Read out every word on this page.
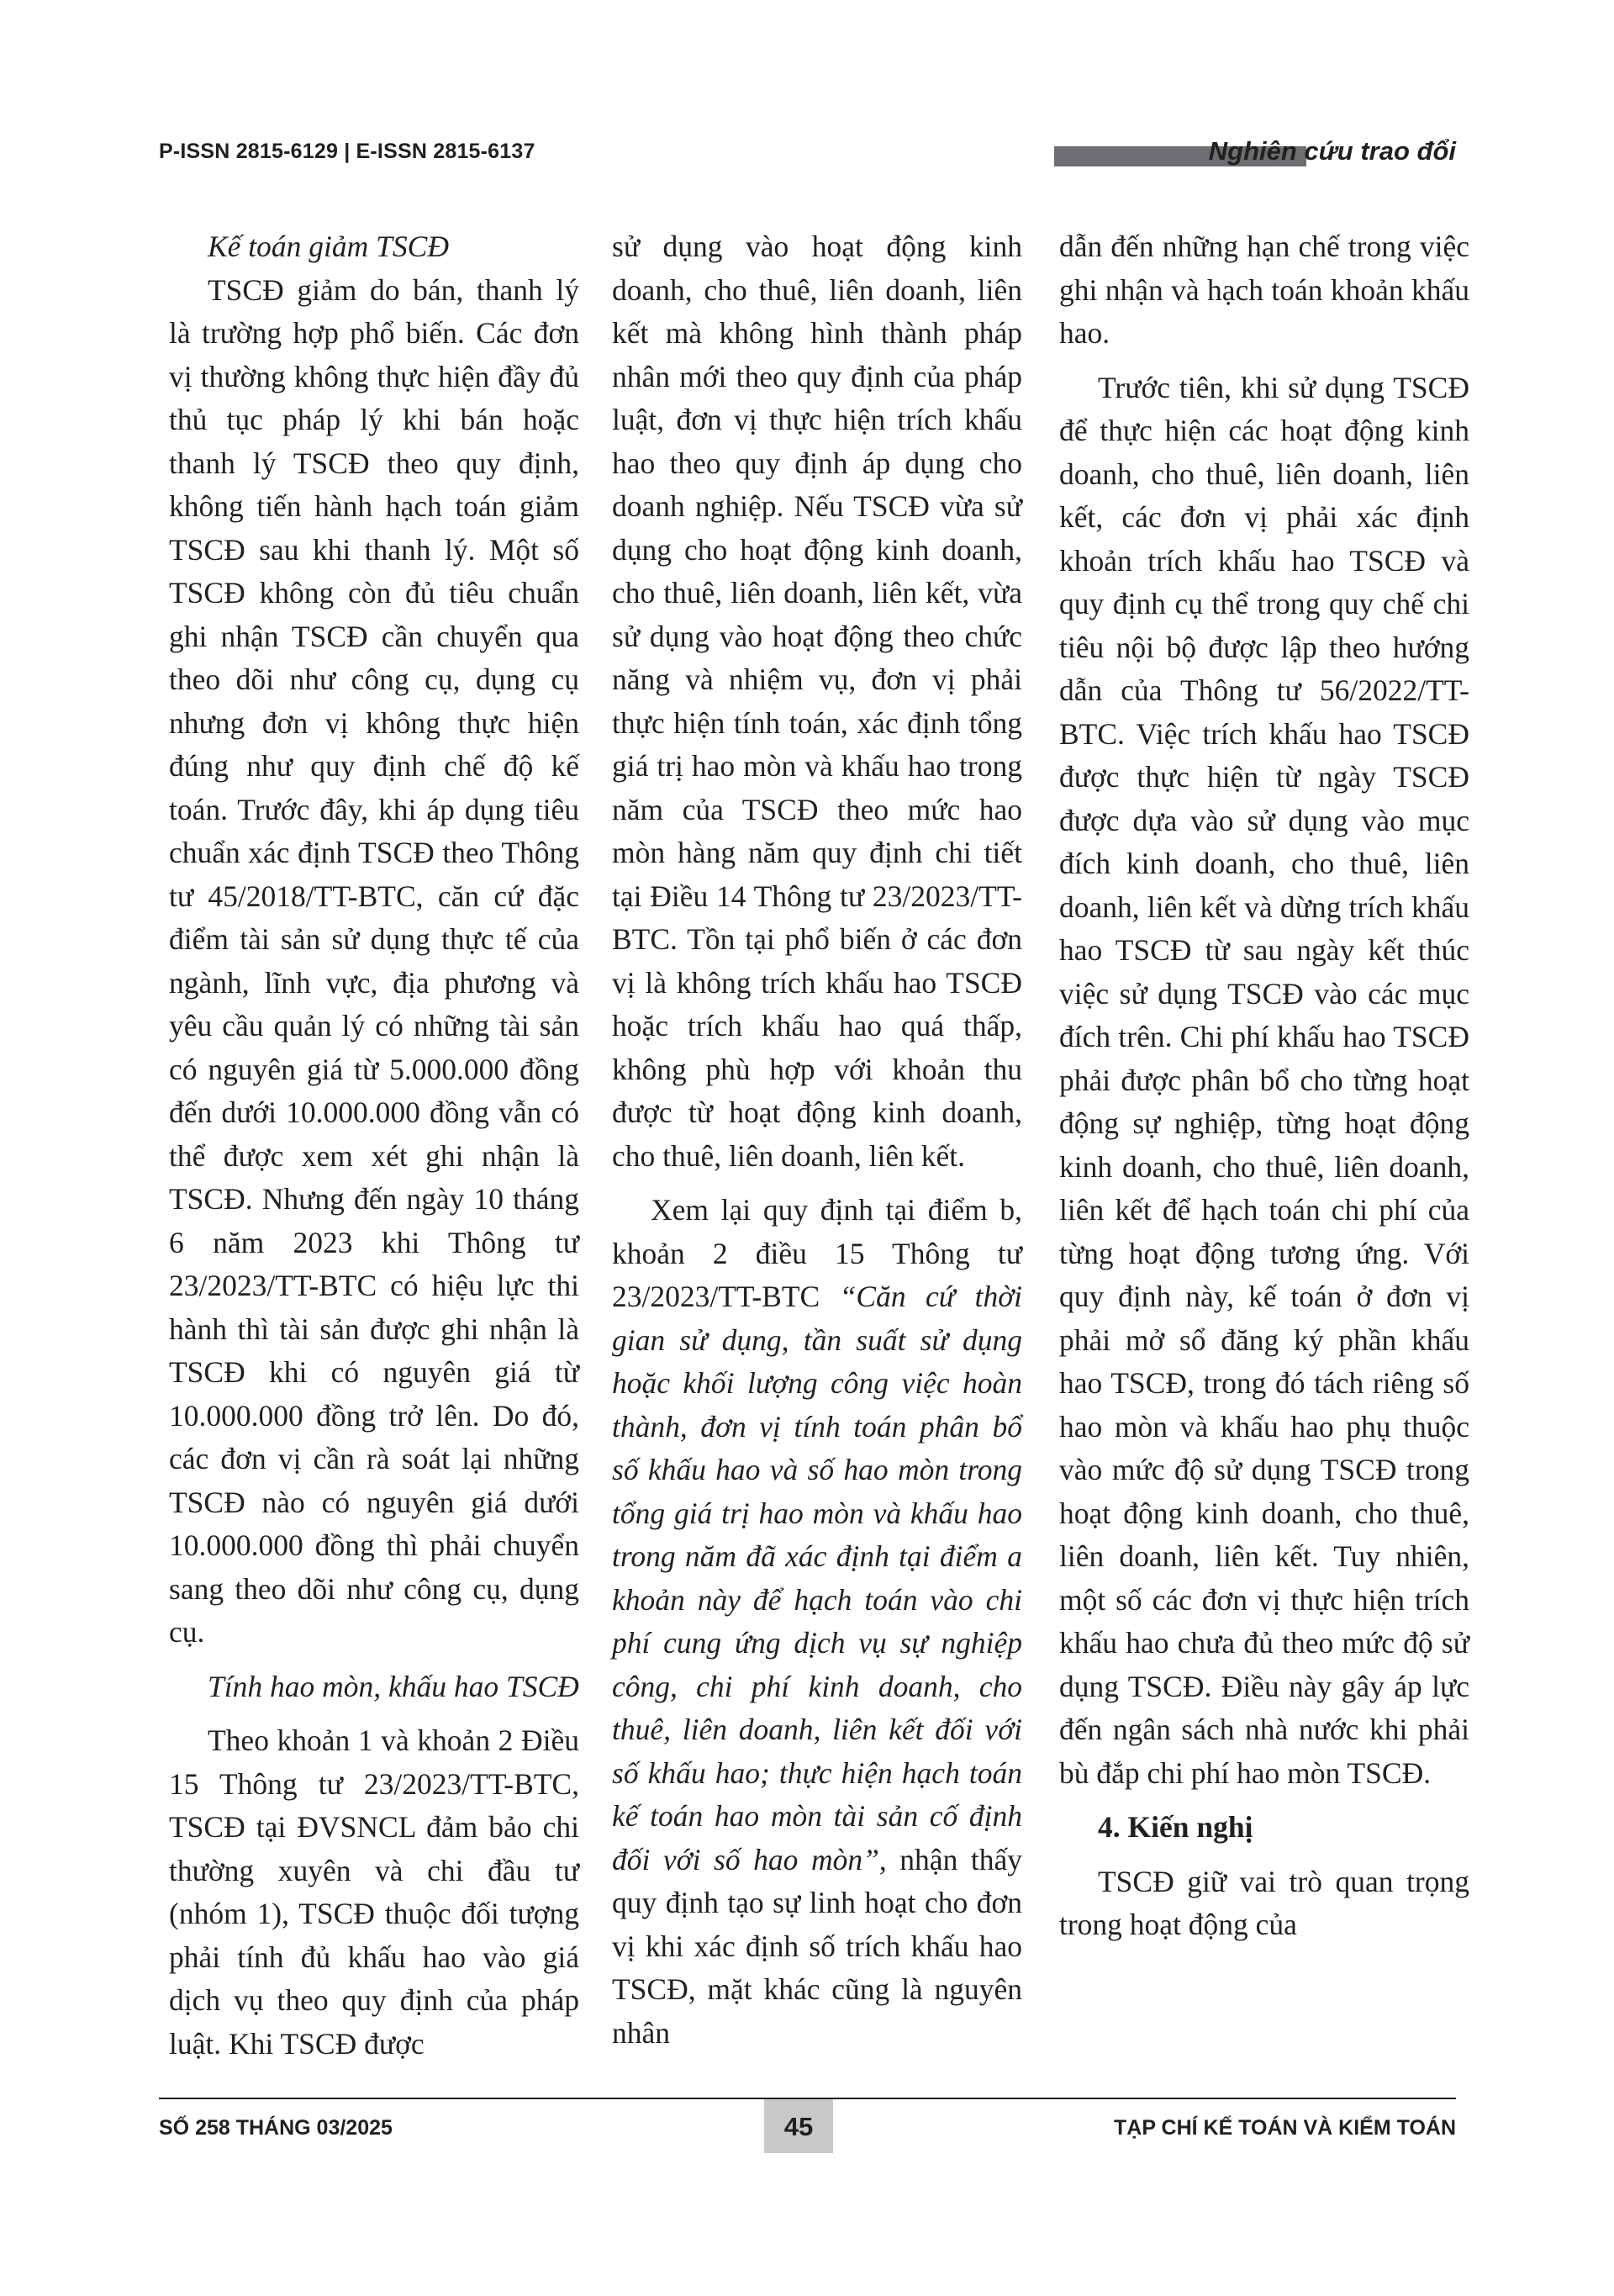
P-ISSN 2815-6129 | E-ISSN 2815-6137	Nghiên cứu trao đổi

Kế toán giảm TSCĐ

TSCĐ giảm do bán, thanh lý là trường hợp phổ biến. Các đơn vị thường không thực hiện đầy đủ thủ tục pháp lý khi bán hoặc thanh lý TSCĐ theo quy định, không tiến hành hạch toán giảm TSCĐ sau khi thanh lý. Một số TSCĐ không còn đủ tiêu chuẩn ghi nhận TSCĐ cần chuyển qua theo dõi như công cụ, dụng cụ nhưng đơn vị không thực hiện đúng như quy định chế độ kế toán. Trước đây, khi áp dụng tiêu chuẩn xác định TSCĐ theo Thông tư 45/2018/TT-BTC, căn cứ đặc điểm tài sản sử dụng thực tế của ngành, lĩnh vực, địa phương và yêu cầu quản lý có những tài sản có nguyên giá từ 5.000.000 đồng đến dưới 10.000.000 đồng vẫn có thể được xem xét ghi nhận là TSCĐ. Nhưng đến ngày 10 tháng 6 năm 2023 khi Thông tư 23/2023/TT-BTC có hiệu lực thi hành thì tài sản được ghi nhận là TSCĐ khi có nguyên giá từ 10.000.000 đồng trở lên. Do đó, các đơn vị cần rà soát lại những TSCĐ nào có nguyên giá dưới 10.000.000 đồng thì phải chuyển sang theo dõi như công cụ, dụng cụ.

Tính hao mòn, khấu hao TSCĐ

Theo khoản 1 và khoản 2 Điều 15 Thông tư 23/2023/TT-BTC, TSCĐ tại ĐVSNCL đảm bảo chi thường xuyên và chi đầu tư (nhóm 1), TSCĐ thuộc đối tượng phải tính đủ khấu hao vào giá dịch vụ theo quy định của pháp luật. Khi TSCĐ được

sử dụng vào hoạt động kinh doanh, cho thuê, liên doanh, liên kết mà không hình thành pháp nhân mới theo quy định của pháp luật, đơn vị thực hiện trích khấu hao theo quy định áp dụng cho doanh nghiệp. Nếu TSCĐ vừa sử dụng cho hoạt động kinh doanh, cho thuê, liên doanh, liên kết, vừa sử dụng vào hoạt động theo chức năng và nhiệm vụ, đơn vị phải thực hiện tính toán, xác định tổng giá trị hao mòn và khấu hao trong năm của TSCĐ theo mức hao mòn hàng năm quy định chi tiết tại Điều 14 Thông tư 23/2023/TT-BTC. Tồn tại phổ biến ở các đơn vị là không trích khấu hao TSCĐ hoặc trích khấu hao quá thấp, không phù hợp với khoản thu được từ hoạt động kinh doanh, cho thuê, liên doanh, liên kết.

Xem lại quy định tại điểm b, khoản 2 điều 15 Thông tư 23/2023/TT-BTC “Căn cứ thời gian sử dụng, tần suất sử dụng hoặc khối lượng công việc hoàn thành, đơn vị tính toán phân bổ số khấu hao và số hao mòn trong tổng giá trị hao mòn và khấu hao trong năm đã xác định tại điểm a khoản này để hạch toán vào chi phí cung ứng dịch vụ sự nghiệp công, chi phí kinh doanh, cho thuê, liên doanh, liên kết đối với số khấu hao; thực hiện hạch toán kế toán hao mòn tài sản cố định đối với số hao mòn”, nhận thấy quy định tạo sự linh hoạt cho đơn vị khi xác định số trích khấu hao TSCĐ, mặt khác cũng là nguyên nhân

dẫn đến những hạn chế trong việc ghi nhận và hạch toán khoản khấu hao.

Trước tiên, khi sử dụng TSCĐ để thực hiện các hoạt động kinh doanh, cho thuê, liên doanh, liên kết, các đơn vị phải xác định khoản trích khấu hao TSCĐ và quy định cụ thể trong quy chế chi tiêu nội bộ được lập theo hướng dẫn của Thông tư 56/2022/TT-BTC. Việc trích khấu hao TSCĐ được thực hiện từ ngày TSCĐ được dựa vào sử dụng vào mục đích kinh doanh, cho thuê, liên doanh, liên kết và dừng trích khấu hao TSCĐ từ sau ngày kết thúc việc sử dụng TSCĐ vào các mục đích trên. Chi phí khấu hao TSCĐ phải được phân bổ cho từng hoạt động sự nghiệp, từng hoạt động kinh doanh, cho thuê, liên doanh, liên kết để hạch toán chi phí của từng hoạt động tương ứng. Với quy định này, kế toán ở đơn vị phải mở sổ đăng ký phần khấu hao TSCĐ, trong đó tách riêng số hao mòn và khấu hao phụ thuộc vào mức độ sử dụng TSCĐ trong hoạt động kinh doanh, cho thuê, liên doanh, liên kết. Tuy nhiên, một số các đơn vị thực hiện trích khấu hao chưa đủ theo mức độ sử dụng TSCĐ. Điều này gây áp lực đến ngân sách nhà nước khi phải bù đắp chi phí hao mòn TSCĐ.

4. Kiến nghị

TSCĐ giữ vai trò quan trọng trong hoạt động của

SỐ 258 THÁNG 03/2025	45	TẠP CHÍ KẾ TOÁN VÀ KIỂM TOÁN
